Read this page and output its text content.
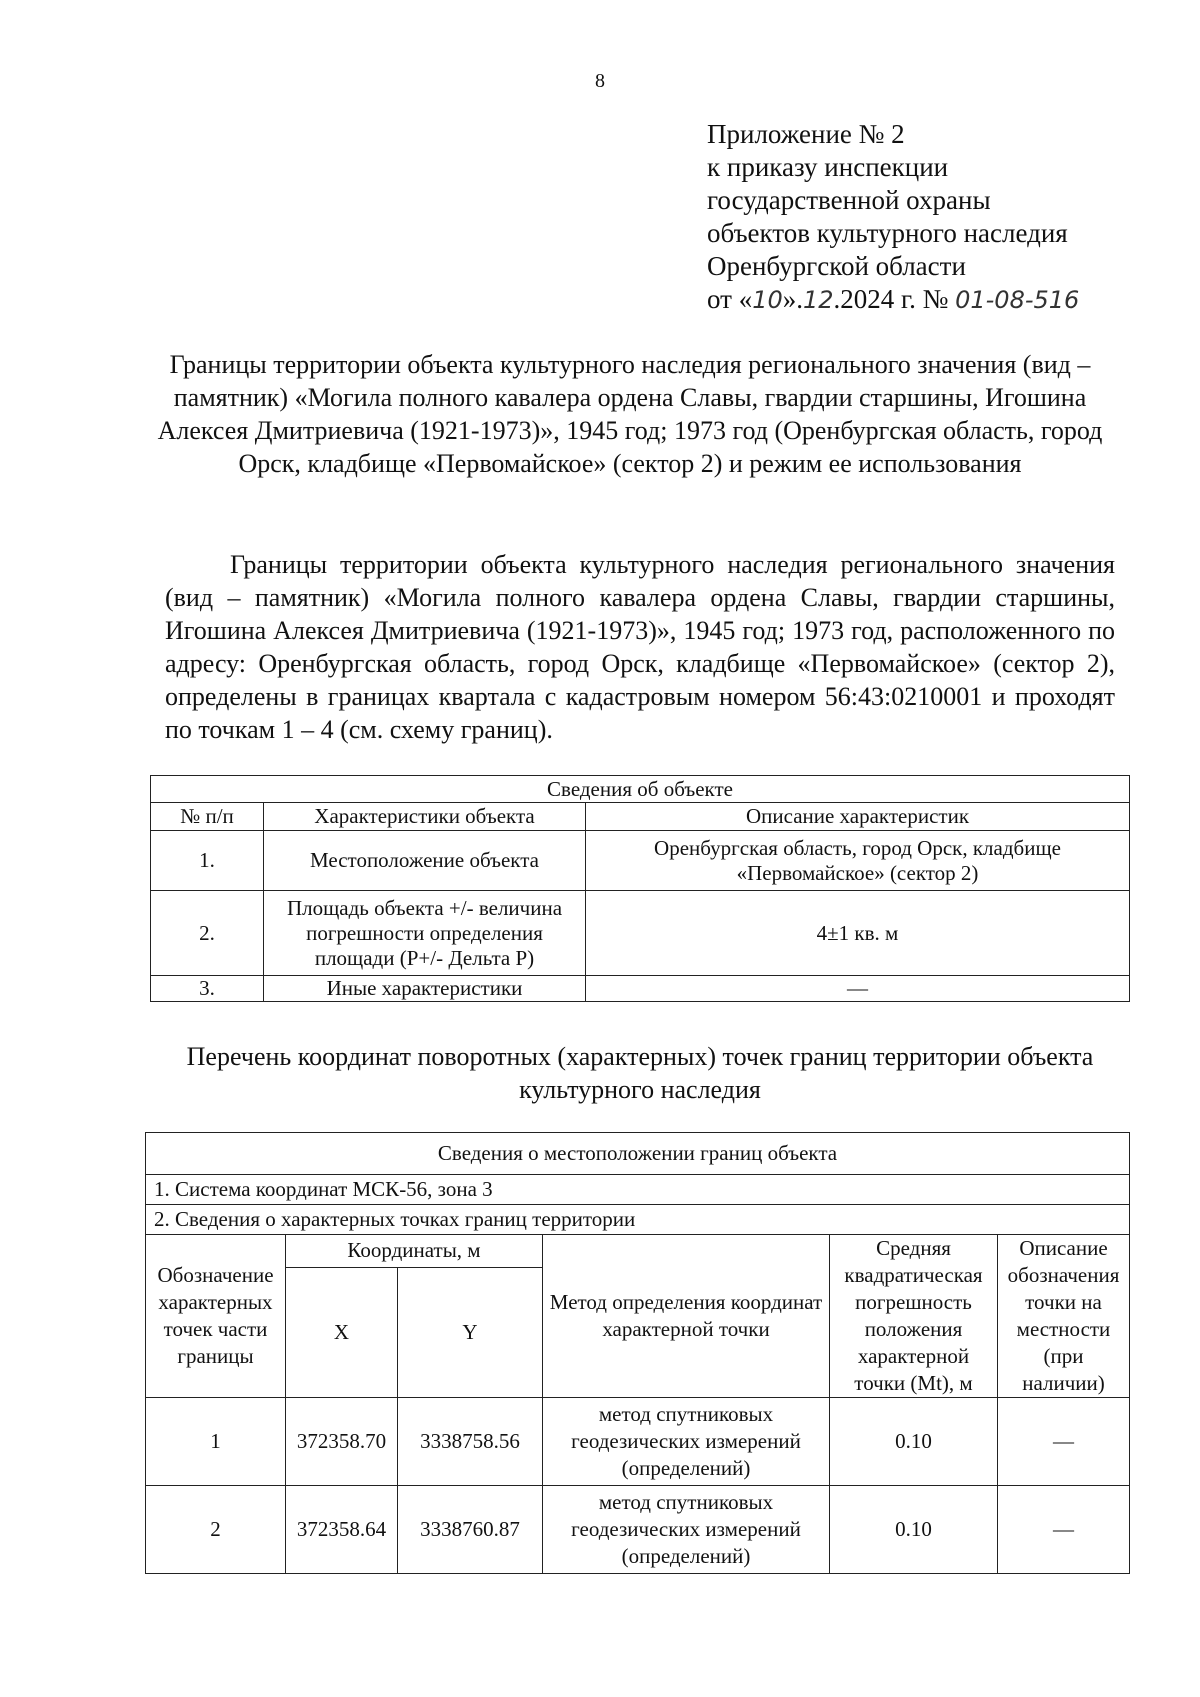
8
Приложение № 2
к приказу инспекции
государственной охраны
объектов культурного наследия
Оренбургской области
от «10».12.2024 г. № 01-08-516
Границы территории объекта культурного наследия регионального значения (вид – памятник) «Могила полного кавалера ордена Славы, гвардии старшины, Игошина Алексея Дмитриевича (1921-1973)», 1945 год; 1973 год (Оренбургская область, город Орск, кладбище «Первомайское» (сектор 2) и режим ее использования
Границы территории объекта культурного наследия регионального значения (вид – памятник) «Могила полного кавалера ордена Славы, гвардии старшины, Игошина Алексея Дмитриевича (1921-1973)», 1945 год; 1973 год, расположенного по адресу: Оренбургская область, город Орск, кладбище «Первомайское» (сектор 2), определены в границах квартала с кадастровым номером 56:43:0210001 и проходят по точкам 1 – 4 (см. схему границ).
Сведения об объекте		
№ п/п	Характеристики объекта	Описание характеристик
1.	Местоположение объекта	Оренбургская область, город Орск, кладбище «Первомайское» (сектор 2)
2.	Площадь объекта +/- величина погрешности определения площади (Р+/- Дельта Р)	4±1 кв. м
3.	Иные характеристики	—
Перечень координат поворотных (характерных) точек границ территории объекта культурного наследия
Сведения о местоположении границ объекта					
1. Система координат МСК-56, зона 3					
2. Сведения о характерных точках границ территории					
Обозначение характерных точек части границы	Координаты, м		Метод определения координат характерной точки	Средняя квадратическая погрешность положения характерной точки (Mt), м	Описание обозначения точки на местности (при наличии)
	X	Y			
1	372358.70	3338758.56	метод спутниковых геодезических измерений (определений)	0.10	—
2	372358.64	3338760.87	метод спутниковых геодезических измерений (определений)	0.10	—
